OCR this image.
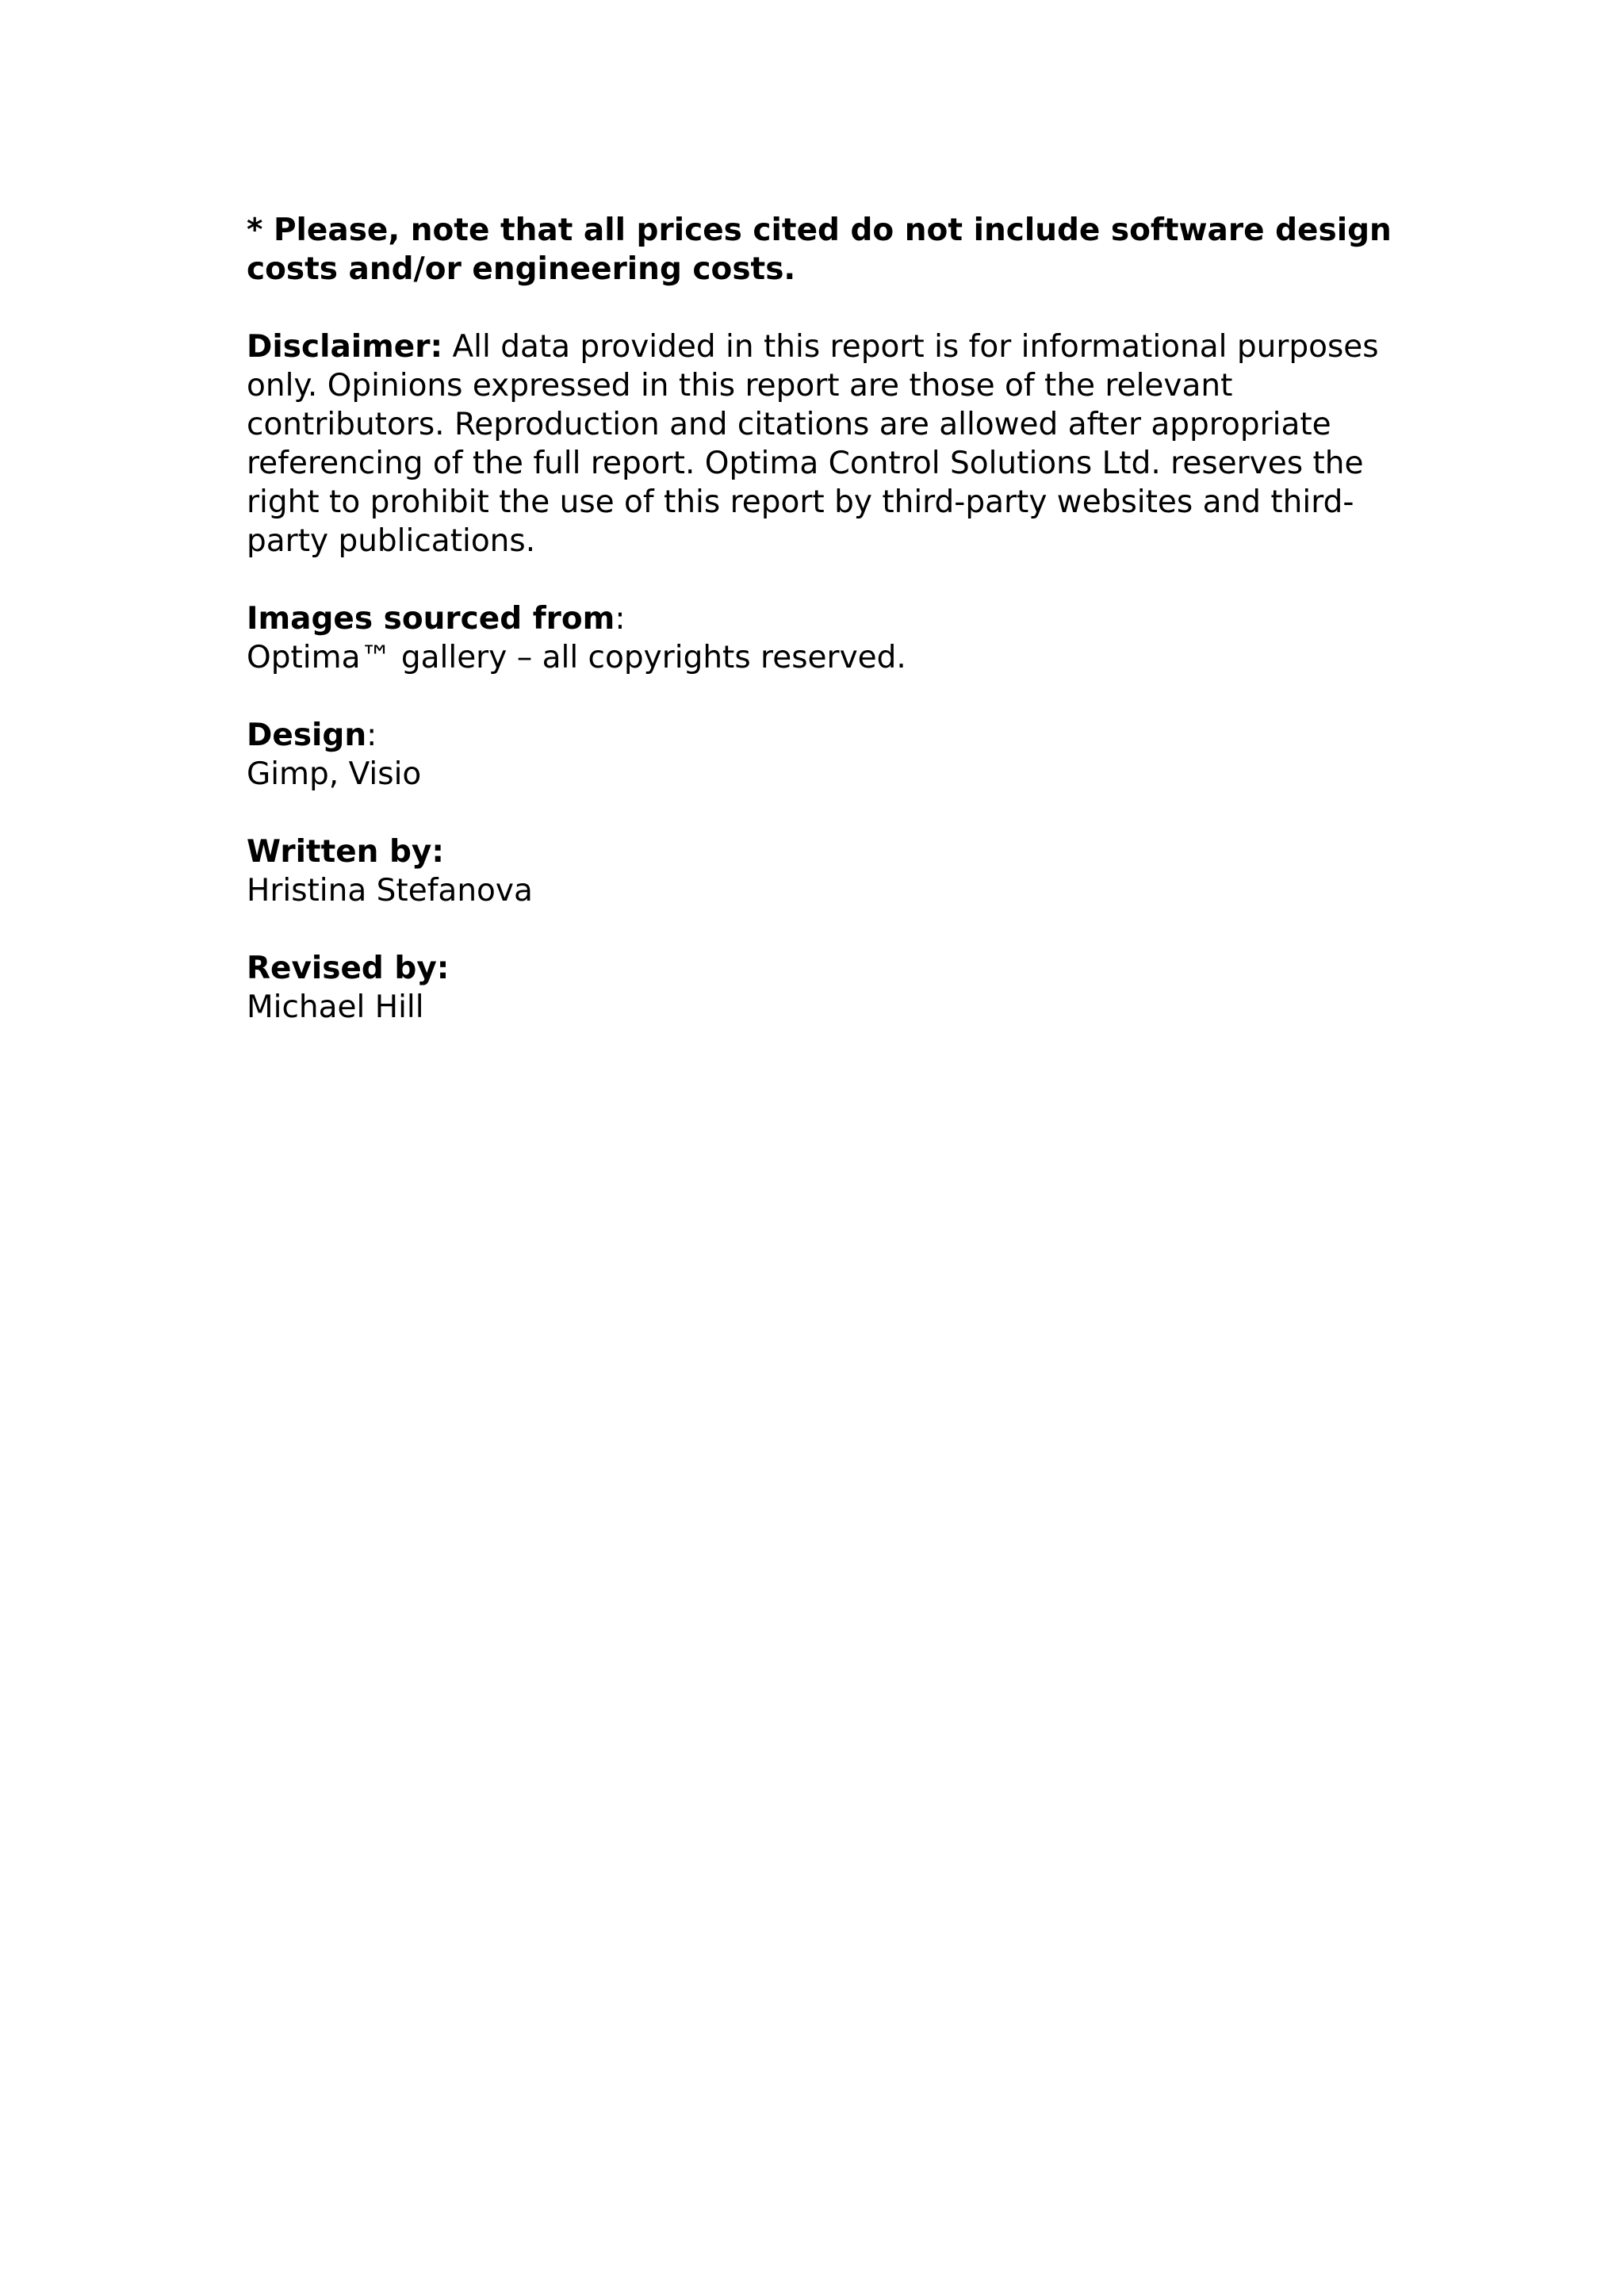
* Please, note that all prices cited do not include software design costs and/or engineering costs.

Disclaimer: All data provided in this report is for informational purposes only. Opinions expressed in this report are those of the relevant contributors. Reproduction and citations are allowed after appropriate referencing of the full report. Optima Control Solutions Ltd. reserves the right to prohibit the use of this report by third-party websites and third-party publications.

Images sourced from:
Optima™ gallery – all copyrights reserved.
Design:
Gimp, Visio
Written by:
Hristina Stefanova
Revised by:
Michael Hill
